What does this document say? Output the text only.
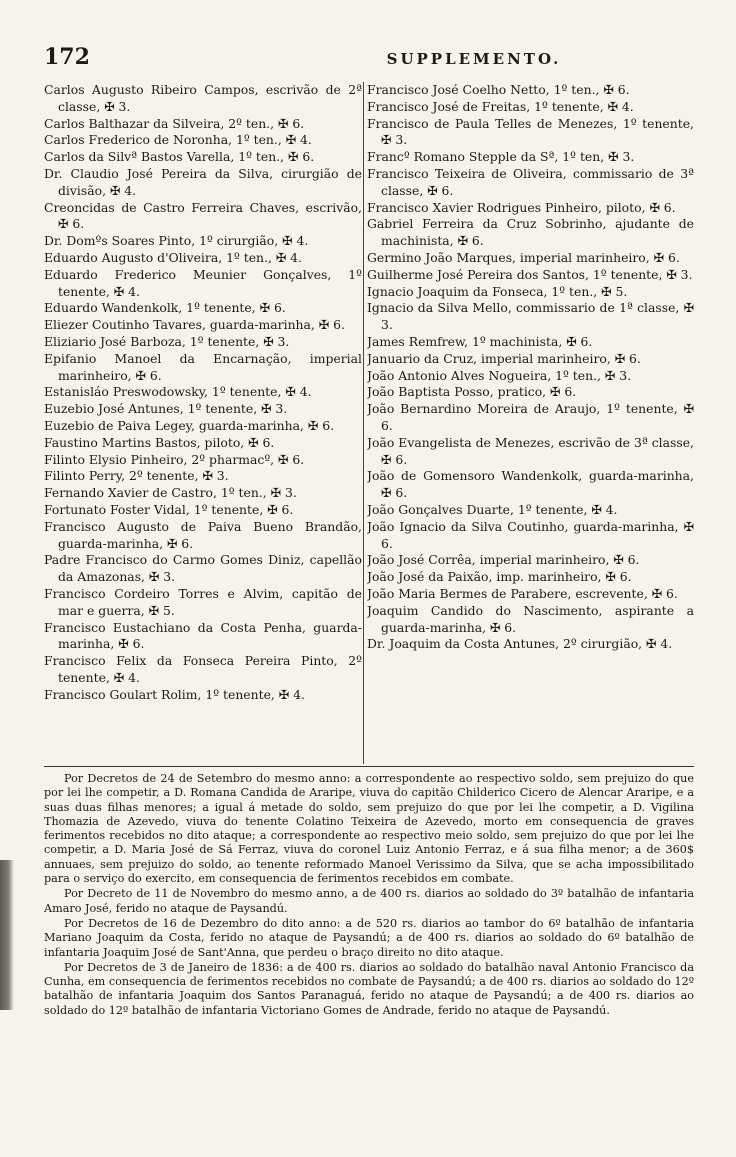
172	SUPPLEMENTO.

Carlos Augusto Ribeiro Campos, escrivão de 2ª classe, ✠ 3.

Carlos Balthazar da Silveira, 2º ten., ✠ 6.

Carlos Frederico de Noronha, 1º ten., ✠ 4.

Carlos da Silvª Bastos Varella, 1º ten., ✠ 6.

Dr. Claudio José Pereira da Silva, cirurgião de divisão, ✠ 4.

Creoncidas de Castro Ferreira Chaves, escrivão, ✠ 6.

Dr. Domºs Soares Pinto, 1º cirurgião, ✠ 4.

Eduardo Augusto d'Oliveira, 1º ten., ✠ 4.

Eduardo Frederico Meunier Gonçalves, 1º tenente, ✠ 4.

Eduardo Wandenkolk, 1º tenente, ✠ 6.

Eliezer Coutinho Tavares, guarda-marinha, ✠ 6.

Eliziario José Barboza, 1º tenente, ✠ 3.

Epifanio Manoel da Encarnação, imperial marinheiro, ✠ 6.

Estanisláo Preswodowsky, 1º tenente, ✠ 4.

Euzebio José Antunes, 1º tenente, ✠ 3.

Euzebio de Paiva Legey, guarda-marinha, ✠ 6.

Faustino Martins Bastos, piloto, ✠ 6.

Filinto Elysio Pinheiro, 2º pharmacº, ✠ 6.

Filinto Perry, 2º tenente, ✠ 3.

Fernando Xavier de Castro, 1º ten., ✠ 3.

Fortunato Foster Vidal, 1º tenente, ✠ 6.

Francisco Augusto de Paiva Bueno Brandão, guarda-marinha, ✠ 6.

Padre Francisco do Carmo Gomes Diniz, capellão da Amazonas, ✠ 3.

Francisco Cordeiro Torres e Alvim, capitão de mar e guerra, ✠ 5.

Francisco Eustachiano da Costa Penha, guarda-marinha, ✠ 6.

Francisco Felix da Fonseca Pereira Pinto, 2º tenente, ✠ 4.

Francisco Goulart Rolim, 1º tenente, ✠ 4.

Francisco José Coelho Netto, 1º ten., ✠ 6.

Francisco José de Freitas, 1º tenente, ✠ 4.

Francisco de Paula Telles de Menezes, 1º tenente, ✠ 3.

Francº Romano Stepple da Sª, 1º ten, ✠ 3.

Francisco Teixeira de Oliveira, commissario de 3ª classe, ✠ 6.

Francisco Xavier Rodrigues Pinheiro, piloto, ✠ 6.

Gabriel Ferreira da Cruz Sobrinho, ajudante de machinista, ✠ 6.

Germino João Marques, imperial marinheiro, ✠ 6.

Guilherme José Pereira dos Santos, 1º tenente, ✠ 3.

Ignacio Joaquim da Fonseca, 1º ten., ✠ 5.

Ignacio da Silva Mello, commissario de 1ª classe, ✠ 3.

James Remfrew, 1º machinista, ✠ 6.

Januario da Cruz, imperial marinheiro, ✠ 6.

João Antonio Alves Nogueira, 1º ten., ✠ 3.

João Baptista Posso, pratico, ✠ 6.

João Bernardino Moreira de Araujo, 1º tenente, ✠ 6.

João Evangelista de Menezes, escrivão de 3ª classe, ✠ 6.

João de Gomensoro Wandenkolk, guarda-marinha, ✠ 6.

João Gonçalves Duarte, 1º tenente, ✠ 4.

João Ignacio da Silva Coutinho, guarda-marinha, ✠ 6.

João José Corrêa, imperial marinheiro, ✠ 6.

João José da Paixão, imp. marinheiro, ✠ 6.

João Maria Bermes de Parabere, escrevente, ✠ 6.

Joaquim Candido do Nascimento, aspirante a guarda-marinha, ✠ 6.

Dr. Joaquim da Costa Antunes, 2º cirurgião, ✠ 4.

Por Decretos de 24 de Setembro do mesmo anno: a correspondente ao respectivo soldo, sem prejuizo do que por lei lhe competir, a D. Romana Candida de Araripe, viuva do capitão Childerico Cicero de Alencar Araripe, e a suas duas filhas menores; a igual á metade do soldo, sem prejuizo do que por lei lhe competir, a D. Vigilina Thomazia de Azevedo, viuva do tenente Colatino Teixeira de Azevedo, morto em consequencia de graves ferimentos recebidos no dito ataque; a correspondente ao respectivo meio soldo, sem prejuizo do que por lei lhe competir, a D. Maria José de Sá Ferraz, viuva do coronel Luiz Antonio Ferraz, e á sua filha menor; a de 360$ annuaes, sem prejuizo do soldo, ao tenente reformado Manoel Verissimo da Silva, que se acha impossibilitado para o serviço do exercito, em consequencia de ferimentos recebidos em combate.

Por Decreto de 11 de Novembro do mesmo anno, a de 400 rs. diarios ao soldado do 3º batalhão de infantaria Amaro José, ferido no ataque de Paysandú.

Por Decretos de 16 de Dezembro do dito anno: a de 520 rs. diarios ao tambor do 6º batalhão de infantaria Mariano Joaquim da Costa, ferido no ataque de Paysandú; a de 400 rs. diarios ao soldado do 6º batalhão de infantaria Joaquim José de Sant'Anna, que perdeu o braço direito no dito ataque.

Por Decretos de 3 de Janeiro de 1836: a de 400 rs. diarios ao soldado do batalhão naval Antonio Francisco da Cunha, em consequencia de ferimentos recebidos no combate de Paysandú; a de 400 rs. diarios ao soldado do 12º batalhão de infantaria Joaquim dos Santos Paranaguá, ferido no ataque de Paysandú; a de 400 rs. diarios ao soldado do 12º batalhão de infantaria Victoriano Gomes de Andrade, ferido no ataque de Paysandú.
